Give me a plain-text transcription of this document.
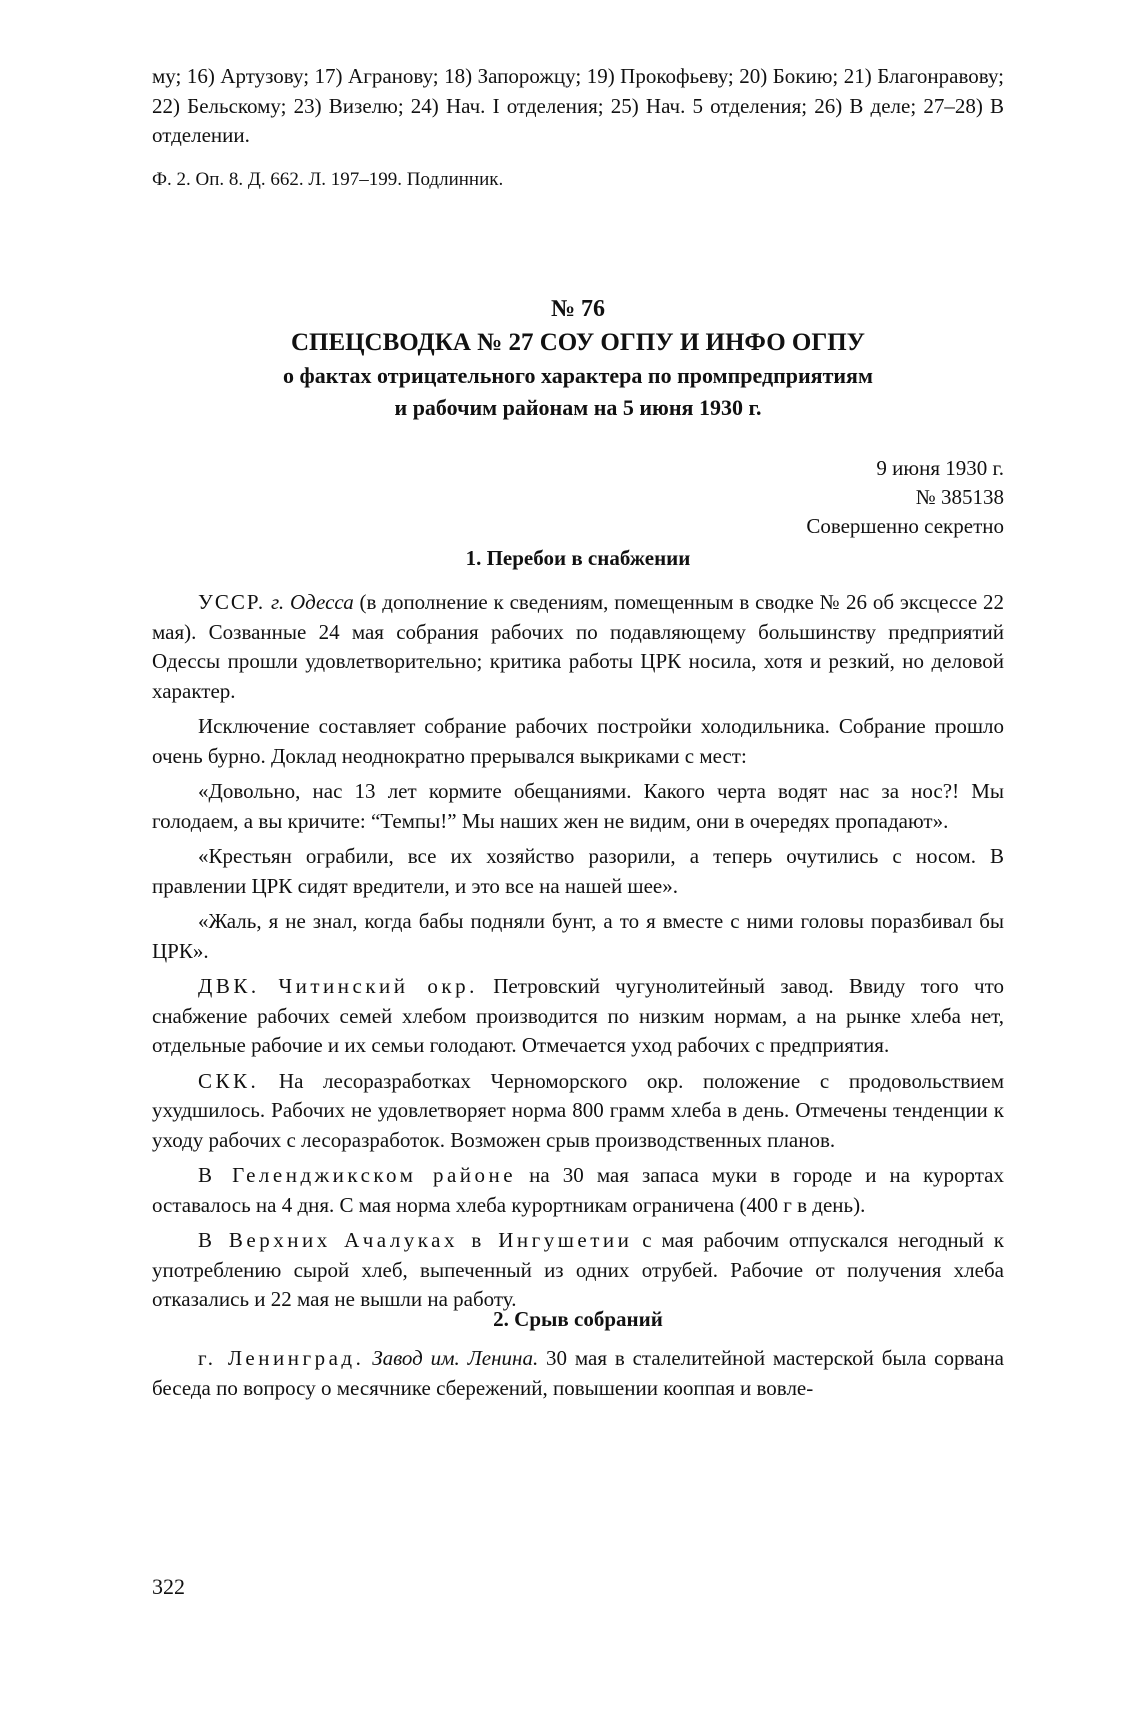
му; 16) Артузову; 17) Агранову; 18) Запорожцу; 19) Прокофьеву; 20) Бокию; 21) Благонравову; 22) Бельскому; 23) Визелю; 24) Нач. I отделения; 25) Нач. 5 отделения; 26) В деле; 27–28) В отделении.

Ф. 2. Оп. 8. Д. 662. Л. 197–199. Подлинник.

№ 76

СПЕЦСВОДКА № 27 СОУ ОГПУ И ИНФО ОГПУ

о фактах отрицательного характера по промпредприятиям

и рабочим районам на 5 июня 1930 г.

9 июня 1930 г.

№ 385138

Совершенно секретно

1. Перебои в снабжении

УССР. г. Одесса (в дополнение к сведениям, помещенным в сводке № 26 об эксцессе 22 мая). Созванные 24 мая собрания рабочих по подавляющему большинству предприятий Одессы прошли удовлетворительно; критика работы ЦРК носила, хотя и резкий, но деловой характер.

Исключение составляет собрание рабочих постройки холодильника. Собрание прошло очень бурно. Доклад неоднократно прерывался выкриками с мест:

«Довольно, нас 13 лет кормите обещаниями. Какого черта водят нас за нос?! Мы голодаем, а вы кричите: “Темпы!” Мы наших жен не видим, они в очередях пропадают».

«Крестьян ограбили, все их хозяйство разорили, а теперь очутились с носом. В правлении ЦРК сидят вредители, и это все на нашей шее».

«Жаль, я не знал, когда бабы подняли бунт, а то я вместе с ними головы поразбивал бы ЦРК».

ДВК. Читинский окр. Петровский чугунолитейный завод. Ввиду того что снабжение рабочих семей хлебом производится по низким нормам, а на рынке хлеба нет, отдельные рабочие и их семьи голодают. Отмечается уход рабочих с предприятия.

СКК. На лесоразработках Черноморского окр. положение с продовольствием ухудшилось. Рабочих не удовлетворяет норма 800 грамм хлеба в день. Отмечены тенденции к уходу рабочих с лесоразработок. Возможен срыв производственных планов.

В Геленджикском районе на 30 мая запаса муки в городе и на курортах оставалось на 4 дня. С мая норма хлеба курортникам ограничена (400 г в день).

В Верхних Ачалуках в Ингушетии с мая рабочим отпускался негодный к употреблению сырой хлеб, выпеченный из одних отрубей. Рабочие от получения хлеба отказались и 22 мая не вышли на работу.

2. Срыв собраний

г. Ленинград. Завод им. Ленина. 30 мая в сталелитейной мастерской была сорвана беседа по вопросу о месячнике сбережений, повышении кооппая и вовле-

322
